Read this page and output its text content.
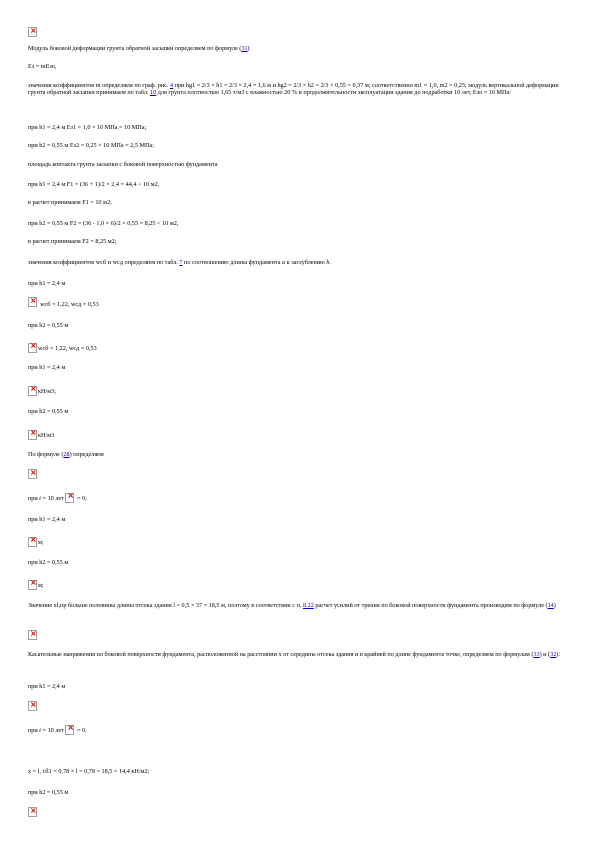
×
Модуль боковой деформации грунта обратной засыпки определяем по формуле (31)
Ез = mЕзо,
значения коэффициентов m определяем по граф. рис. 4 при hg1 = 2/3 × h1 = 2/3 × 2,4 = 1,6 м и hg2 = 2/3 × h2 = 2/3 × 0,55 = 0,37 м; соответственно m1 = 1,0, m2 = 0,25; модуль вертикальной деформации грунта обратной засыпки принимаем по табл. 10 для грунта плотностью 1,65 т/м3 с влажностью 20 % и продолжительности эксплуатации здания до подработки 10 лет, Езо = 10 МПа:
при h1 = 2,4 м Ез1 = 1,0 × 10 МПа = 10 МПа;
при h2 = 0,55 м Ез2 = 0,25 × 10 МПа = 2,5 МПа;
площадь контакта грунта засыпки с боковой поверхностью фундамента
при h1 = 2,4 м F1 = (36 + 1)/2 × 2,4 = 44,4 > 10 м2,
в расчет принимаем F1 = 10 м2;
при h2 = 0,55 м F2 = (36 - 1,0 × 6)/2 × 0,55 = 8,25 < 10 м2,
в расчет принимаем F2 = 8,25 м2;
значения коэффициентов wсб и wсд определяем по табл. 7 по соотношению длины фундамента a к заглублению h.
при h1 = 2,4 м
×
wсб = 1,22, wсд = 0,53
при h2 = 0,55 м
×wсб = 1,22, wсд = 0,53
при h1 = 2,4 м
×кН/м3;
при h2 = 0,55 м
×кН/м3
По формуле (28) определяем
×
при t = 10 лет × = 0;
при h1 = 2,4 м
×м;
при h2 = 0,55 м
×м;
Значение xl,пр больше половины длины отсека здания l = 0,5 × 37 = 18,5 м, поэтому в соответствии с п. 8.22 расчет усилий от трения по боковой поверхности фундамента производим по формуле (14)
×
Касательные напряжения по боковой поверхности фундамента, расположенной на расстоянии x от середины отсека здания и в крайней по длине фундамента точке, определяем по формулам (33) и (32):
при h1 = 2,4 м
×
при t = 10 лет × = 0.
x = l, τfl1 = 0,78 × l = 0,78 × 18,5 = 14,4 кН/м2;
при h2 = 0,55 м
×
